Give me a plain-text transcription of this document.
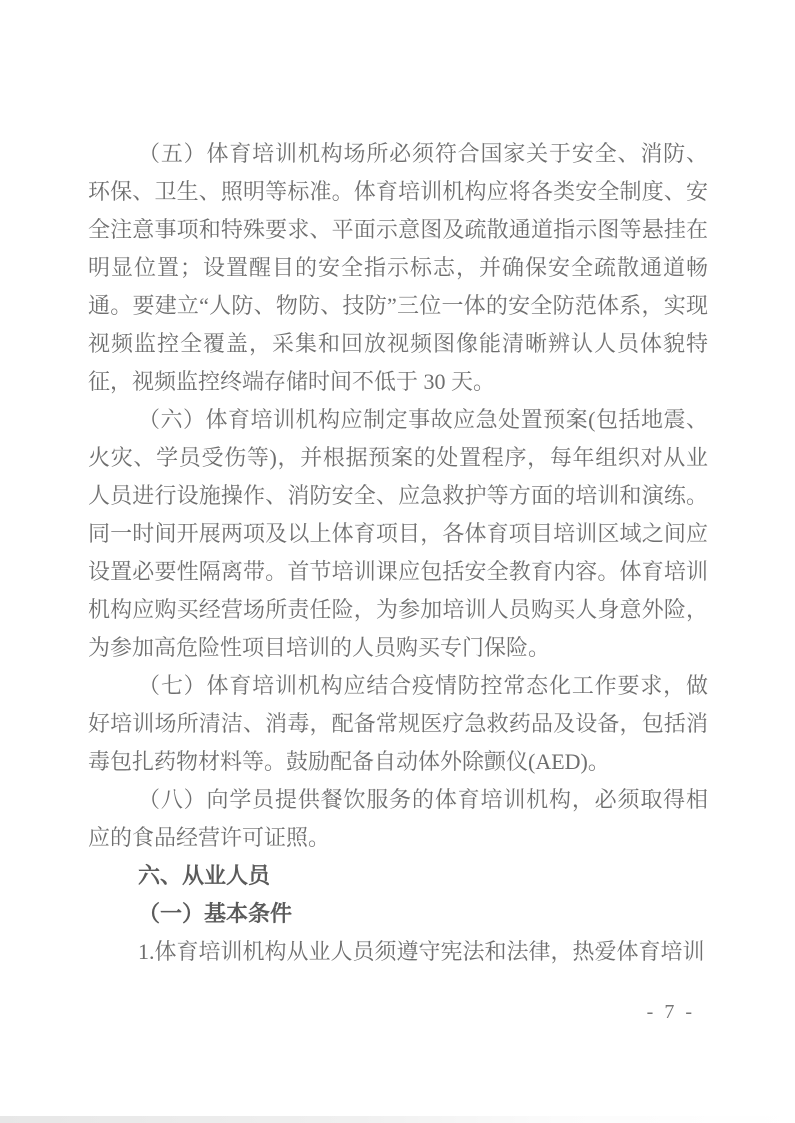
（五）体育培训机构场所必须符合国家关于安全、消防、环保、卫生、照明等标准。体育培训机构应将各类安全制度、安全注意事项和特殊要求、平面示意图及疏散通道指示图等悬挂在明显位置；设置醒目的安全指示标志，并确保安全疏散通道畅通。要建立“人防、物防、技防”三位一体的安全防范体系，实现视频监控全覆盖，采集和回放视频图像能清晰辨认人员体貌特征，视频监控终端存储时间不低于 30 天。

（六）体育培训机构应制定事故应急处置预案(包括地震、火灾、学员受伤等)，并根据预案的处置程序，每年组织对从业人员进行设施操作、消防安全、应急救护等方面的培训和演练。同一时间开展两项及以上体育项目，各体育项目培训区域之间应设置必要性隔离带。首节培训课应包括安全教育内容。体育培训机构应购买经营场所责任险，为参加培训人员购买人身意外险，为参加高危险性项目培训的人员购买专门保险。

（七）体育培训机构应结合疫情防控常态化工作要求，做好培训场所清洁、消毒，配备常规医疗急救药品及设备，包括消毒包扎药物材料等。鼓励配备自动体外除颤仪(AED)。

（八）向学员提供餐饮服务的体育培训机构，必须取得相应的食品经营许可证照。

六、从业人员

（一）基本条件

1.体育培训机构从业人员须遵守宪法和法律，热爱体育培训

- 7 -
